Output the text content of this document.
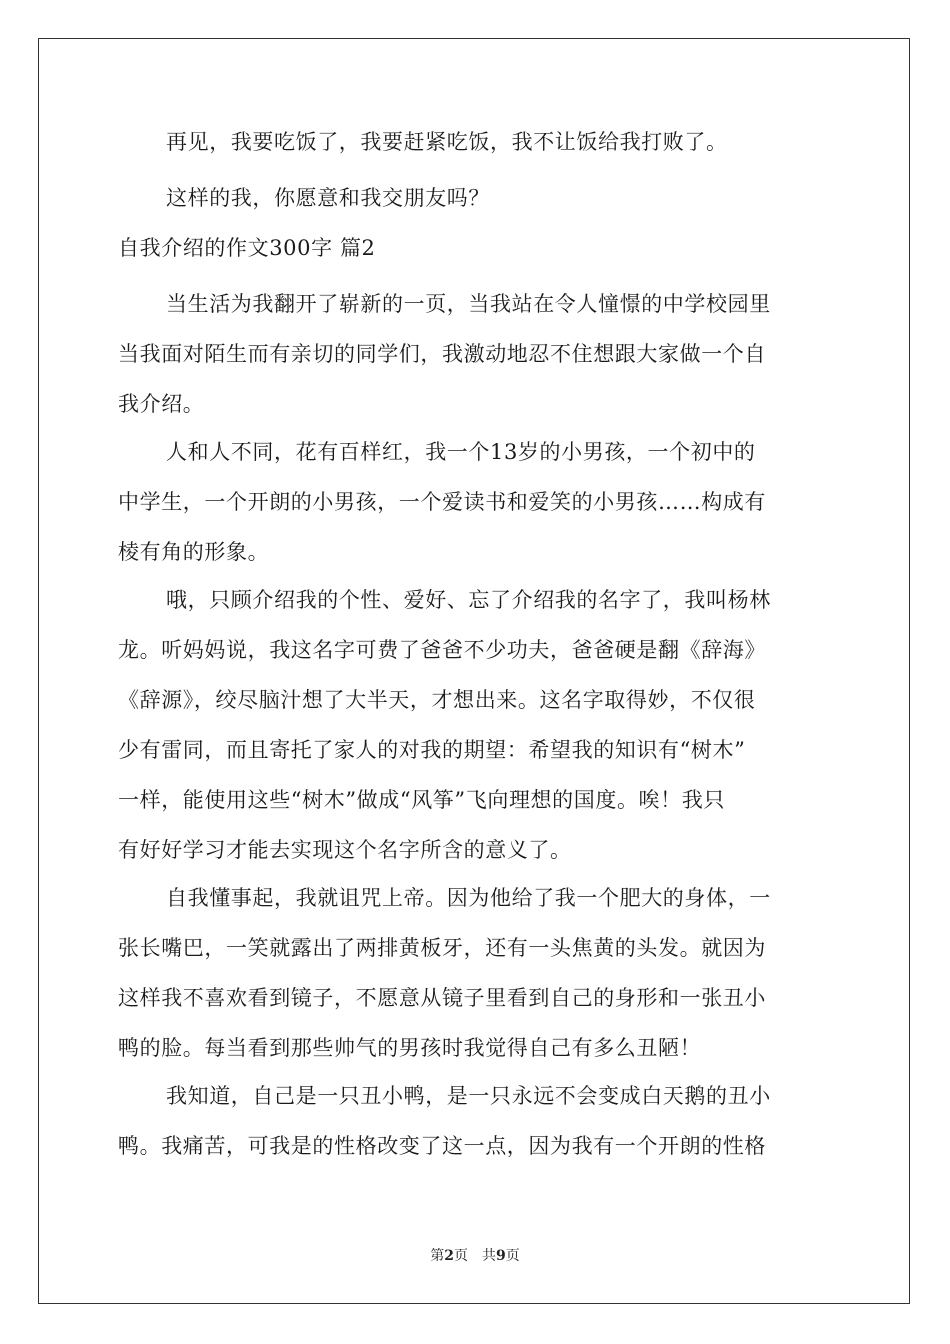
再见，我要吃饭了，我要赶紧吃饭，我不让饭给我打败了。
这样的我，你愿意和我交朋友吗？
自我介绍的作文300字 篇2
当生活为我翻开了崭新的一页，当我站在令人憧憬的中学校园里
当我面对陌生而有亲切的同学们，我激动地忍不住想跟大家做一个自
我介绍。
人和人不同，花有百样红，我一个13岁的小男孩，一个初中的
中学生，一个开朗的小男孩，一个爱读书和爱笑的小男孩……构成有
棱有角的形象。
哦，只顾介绍我的个性、爱好、忘了介绍我的名字了，我叫杨林
龙。听妈妈说，我这名字可费了爸爸不少功夫，爸爸硬是翻《辞海》
《辞源》，绞尽脑汁想了大半天，才想出来。这名字取得妙，不仅很
少有雷同，而且寄托了家人的对我的期望：希望我的知识有“树木”
一样，能使用这些“树木”做成“风筝”飞向理想的国度。唉！我只
有好好学习才能去实现这个名字所含的意义了。
自我懂事起，我就诅咒上帝。因为他给了我一个肥大的身体，一
张长嘴巴，一笑就露出了两排黄板牙，还有一头焦黄的头发。就因为
这样我不喜欢看到镜子，不愿意从镜子里看到自己的身形和一张丑小
鸭的脸。每当看到那些帅气的男孩时我觉得自己有多么丑陋！
我知道，自己是一只丑小鸭，是一只永远不会变成白天鹅的丑小
鸭。我痛苦，可我是的性格改变了这一点，因为我有一个开朗的性格
第2页 共9页
